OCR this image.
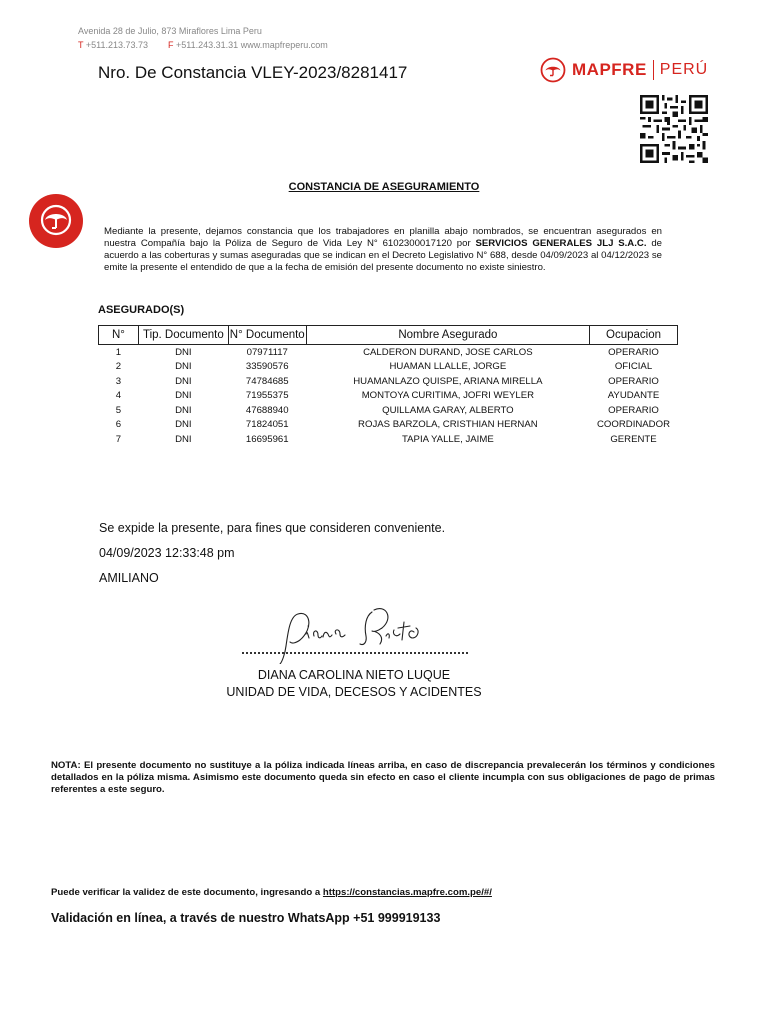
Avenida 28 de Julio, 873 Miraflores Lima Peru
T +511.213.73.73 F +511.243.31.31 www.mapfreperu.com
Nro. De Constancia VLEY-2023/8281417	MAPFRE PERÚ
CONSTANCIA DE ASEGURAMIENTO
Mediante la presente, dejamos constancia que los trabajadores en planilla abajo nombrados, se encuentran asegurados en nuestra Compañía bajo la Póliza de Seguro de Vida Ley N° 6102300017120 por SERVICIOS GENERALES JLJ S.A.C. de acuerdo a las coberturas y sumas aseguradas que se indican en el Decreto Legislativo N° 688, desde 04/09/2023 al 04/12/2023 se emite la presente el entendido de que a la fecha de emisión del presente documento no existe siniestro.
ASEGURADO(S)
N°	Tip. Documento	N° Documento	Nombre Asegurado	Ocupacion
1	DNI	07971117	CALDERON DURAND, JOSE CARLOS	OPERARIO
2	DNI	33590576	HUAMAN LLALLE, JORGE	OFICIAL
3	DNI	74784685	HUAMANLAZO QUISPE, ARIANA MIRELLA	OPERARIO
4	DNI	71955375	MONTOYA CURITIMA, JOFRI WEYLER	AYUDANTE
5	DNI	47688940	QUILLAMA GARAY, ALBERTO	OPERARIO
6	DNI	71824051	ROJAS BARZOLA, CRISTHIAN HERNAN	COORDINADOR
7	DNI	16695961	TAPIA YALLE, JAIME	GERENTE
Se expide la presente, para fines que consideren conveniente.
04/09/2023 12:33:48 pm
AMILIANO
DIANA CAROLINA NIETO LUQUE
UNIDAD DE VIDA, DECESOS Y ACIDENTES
NOTA: El presente documento no sustituye a la póliza indicada líneas arriba, en caso de discrepancia prevalecerán los términos y condiciones detallados en la póliza misma. Asimismo este documento queda sin efecto en caso el cliente incumpla con sus obligaciones de pago de primas referentes a este seguro.
Puede verificar la validez de este documento, ingresando a https://constancias.mapfre.com.pe/#/
Validación en línea, a través de nuestro WhatsApp +51 999919133
